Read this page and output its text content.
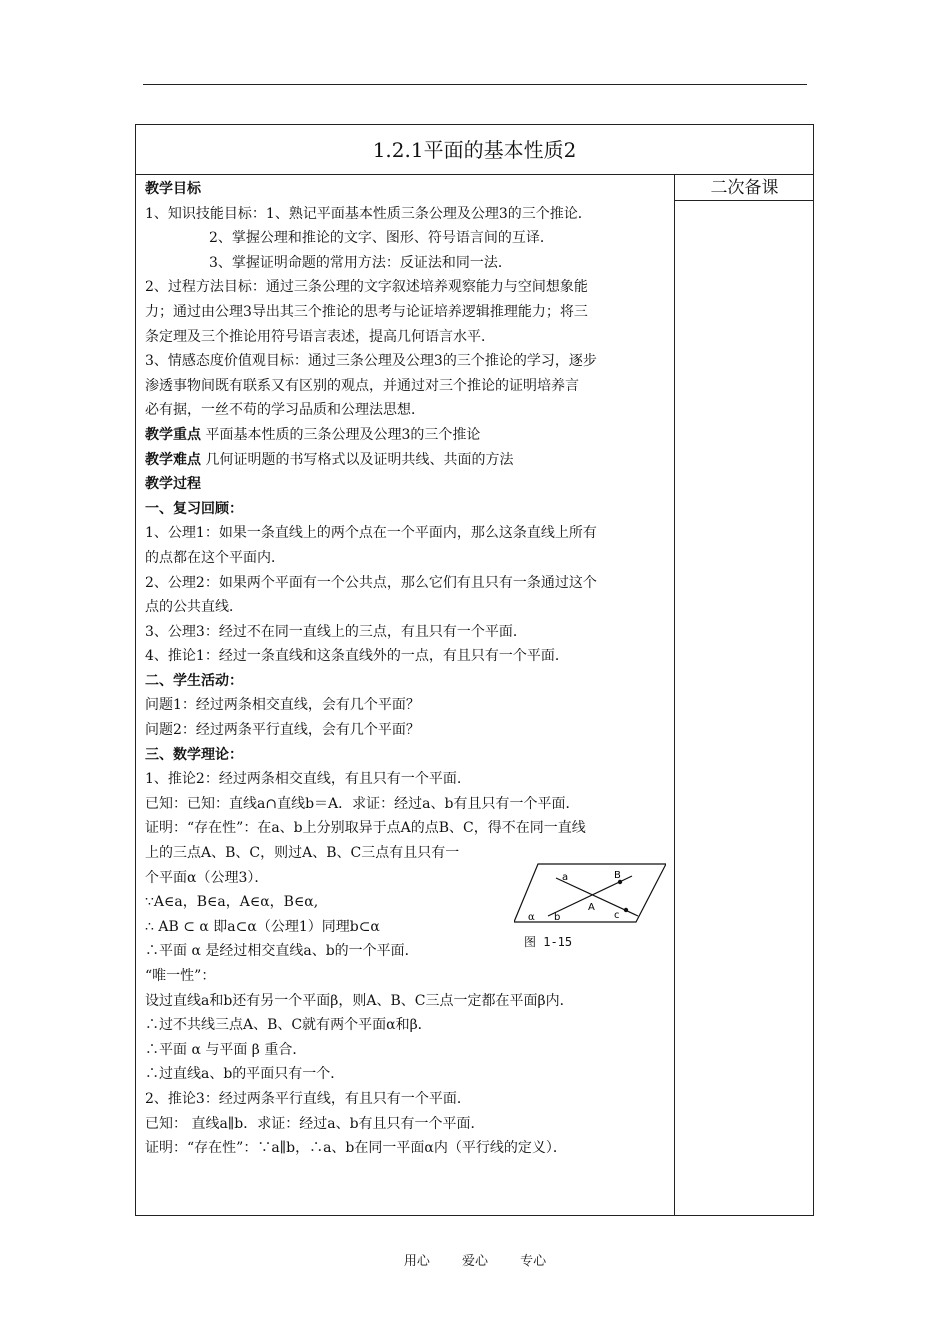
1.2.1平面的基本性质2
二次备课
教学目标
1、知识技能目标：1、熟记平面基本性质三条公理及公理3的三个推论．
2、掌握公理和推论的文字、图形、符号语言间的互译．
3、掌握证明命题的常用方法：反证法和同一法．
2、过程方法目标：通过三条公理的文字叙述培养观察能力与空间想象能
力；通过由公理3导出其三个推论的思考与论证培养逻辑推理能力；将三
条定理及三个推论用符号语言表述，提高几何语言水平．
3、情感态度价值观目标：通过三条公理及公理3的三个推论的学习，逐步
渗透事物间既有联系又有区别的观点，并通过对三个推论的证明培养言
必有据，一丝不苟的学习品质和公理法思想．
教学重点 平面基本性质的三条公理及公理3的三个推论
教学难点 几何证明题的书写格式以及证明共线、共面的方法
教学过程
一、复习回顾：
1、公理1：如果一条直线上的两个点在一个平面内，那么这条直线上所有
的点都在这个平面内．
2、公理2：如果两个平面有一个公共点，那么它们有且只有一条通过这个
点的公共直线．
3、公理3：经过不在同一直线上的三点，有且只有一个平面．
4、推论1：经过一条直线和这条直线外的一点，有且只有一个平面．
二、学生活动：
问题1：经过两条相交直线，会有几个平面？
问题2：经过两条平行直线，会有几个平面？
三、数学理论：
1、推论2：经过两条相交直线，有且只有一个平面.
已知：已知：直线a∩直线b＝A．求证：经过a、b有且只有一个平面．
证明：“存在性”：在a、b上分别取异于点A的点B、C，得不在同一直线
上的三点A、B、C，则过A、B、C三点有且只有一
个平面α（公理3）．
∵A∈a，B∈a，A∈α，B∈α,
∴ AB ⊂ α 即a⊂α（公理1）同理b⊂α
∴平面 α 是经过相交直线a、b的一个平面．
“唯一性”：
设过直线a和b还有另一个平面β，则A、B、C三点一定都在平面β内．
∴过不共线三点A、B、C就有两个平面α和β．
∴平面 α 与平面 β 重合．
∴过直线a、b的平面只有一个．
2、推论3：经过两条平行直线，有且只有一个平面．
已知： 直线a∥b．求证：经过a、b有且只有一个平面．
证明：“存在性”：∵a∥b，∴a、b在同一平面α内（平行线的定义）．
a	B
A
b	c
α
图 1-15
用心 爱心 专心
